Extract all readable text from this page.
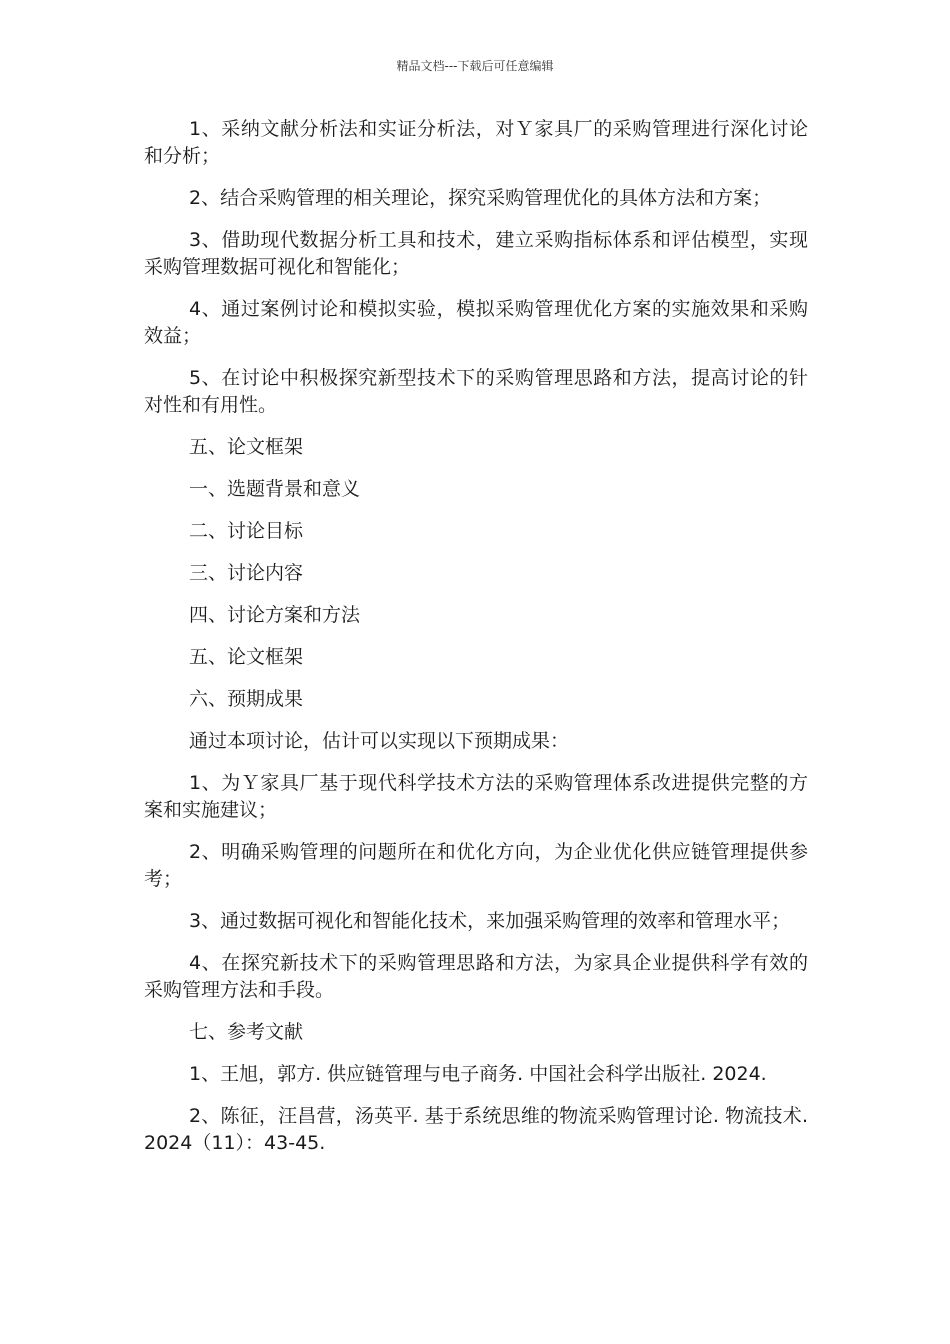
精品文档---下载后可任意编辑

1、采纳文献分析法和实证分析法，对Ｙ家具厂的采购管理进行深化讨论和分析；

2、结合采购管理的相关理论，探究采购管理优化的具体方法和方案；

3、借助现代数据分析工具和技术，建立采购指标体系和评估模型，实现采购管理数据可视化和智能化；

4、通过案例讨论和模拟实验，模拟采购管理优化方案的实施效果和采购效益；

5、在讨论中积极探究新型技术下的采购管理思路和方法，提高讨论的针对性和有用性。

五、论文框架

一、选题背景和意义

二、讨论目标

三、讨论内容

四、讨论方案和方法

五、论文框架

六、预期成果

通过本项讨论，估计可以实现以下预期成果：

1、为Ｙ家具厂基于现代科学技术方法的采购管理体系改进提供完整的方案和实施建议；

2、明确采购管理的问题所在和优化方向，为企业优化供应链管理提供参考；

3、通过数据可视化和智能化技术，来加强采购管理的效率和管理水平；

4、在探究新技术下的采购管理思路和方法，为家具企业提供科学有效的采购管理方法和手段。

七、参考文献

1、王旭，郭方. 供应链管理与电子商务. 中国社会科学出版社. 2024.

2、陈征，汪昌营，汤英平. 基于系统思维的物流采购管理讨论. 物流技术. 2024（11）：43-45.
